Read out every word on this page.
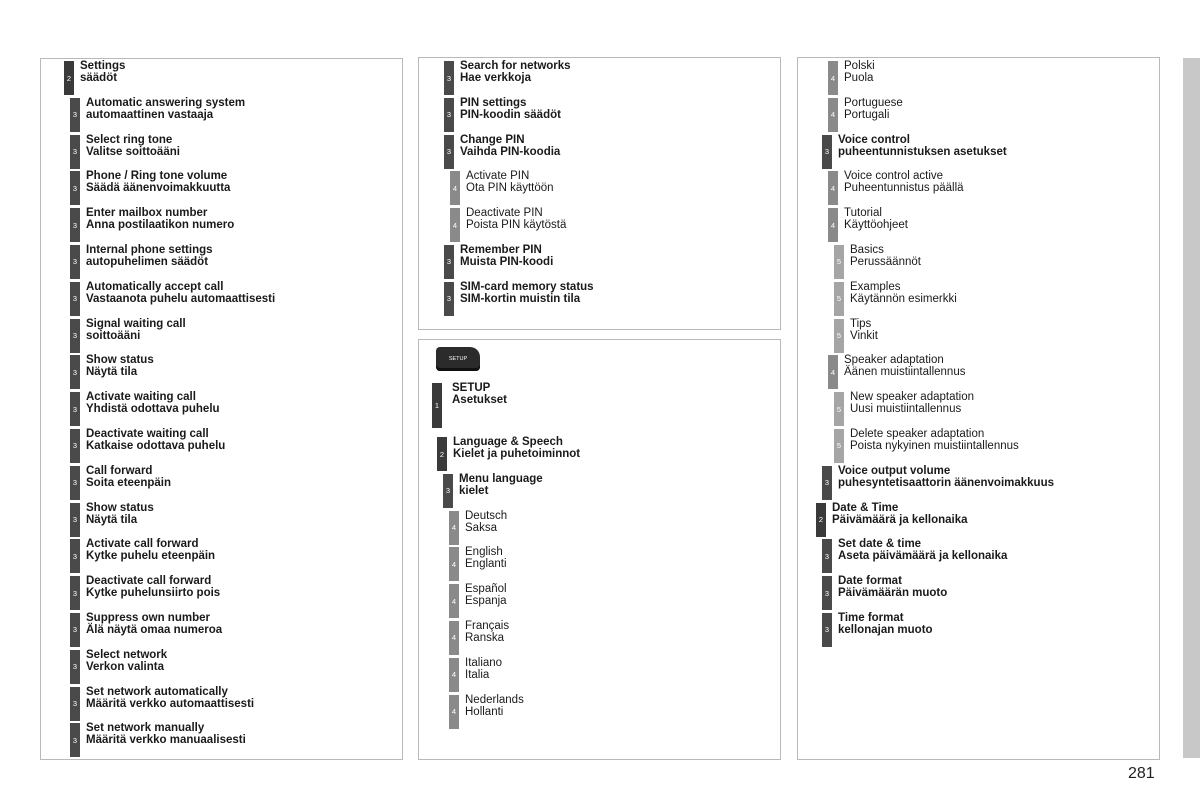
2
Settings
säädöt
3
Automatic answering system
automaattinen vastaaja
3
Select ring tone
Valitse soittoääni
3
Phone / Ring tone volume
Säädä äänenvoimakkuutta
3
Enter mailbox number
Anna postilaatikon numero
3
Internal phone settings
autopuhelimen säädöt
3
Automatically accept call
Vastaanota puhelu automaattisesti
3
Signal waiting call
soittoääni
3
Show status
Näytä tila
3
Activate waiting call
Yhdistä odottava puhelu
3
Deactivate waiting call
Katkaise odottava puhelu
3
Call forward
Soita eteenpäin
3
Show status
Näytä tila
3
Activate call forward
Kytke puhelu eteenpäin
3
Deactivate call forward
Kytke puhelunsiirto pois
3
Suppress own number
Älä näytä omaa numeroa
3
Select network
Verkon valinta
3
Set network automatically
Määritä verkko automaattisesti
3
Set network manually
Määritä verkko manuaalisesti
3
Search for networks
Hae verkkoja
3
PIN settings
PIN-koodin säädöt
3
Change PIN
Vaihda PIN-koodia
4
Activate PIN
Ota PIN käyttöön
4
Deactivate PIN
Poista PIN käytöstä
3
Remember PIN
Muista PIN-koodi
3
SIM-card memory status
SIM-kortin muistin tila
SETUP
1
SETUP
Asetukset
2
Language & Speech
Kielet ja puhetoiminnot
3
Menu language
kielet
4
Deutsch
Saksa
4
English
Englanti
4
Español
Espanja
4
Français
Ranska
4
Italiano
Italia
4
Nederlands
Hollanti
4
Polski
Puola
4
Portuguese
Portugali
3
Voice control
puheentunnistuksen asetukset
4
Voice control active
Puheentunnistus päällä
4
Tutorial
Käyttöohjeet
5
Basics
Perussäännöt
5
Examples
Käytännön esimerkki
5
Tips
Vinkit
4
Speaker adaptation
Äänen muistiintallennus
5
New speaker adaptation
Uusi muistiintallennus
5
Delete speaker adaptation
Poista nykyinen muistiintallennus
3
Voice output volume
puhesyntetisaattorin äänenvoimakkuus
2
Date & Time
Päivämäärä ja kellonaika
3
Set date & time
Aseta päivämäärä ja kellonaika
3
Date format
Päivämäärän muoto
3
Time format
kellonajan muoto
281
